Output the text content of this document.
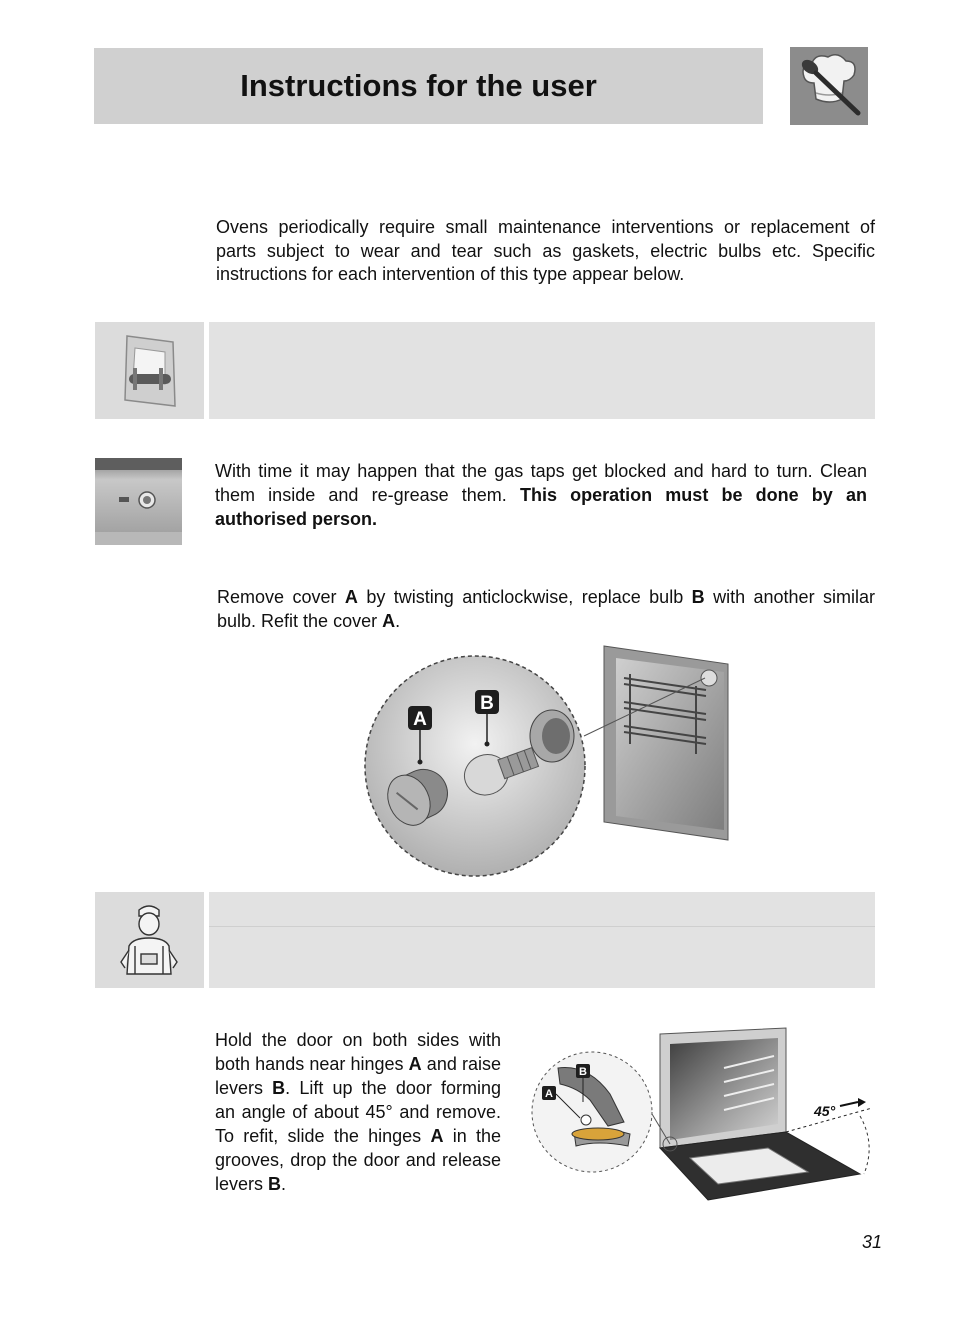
Instructions for the user
Ovens periodically require small maintenance interventions or replacement of parts subject to wear and tear such as gaskets, electric bulbs etc. Specific instructions for each intervention of this type appear below.
With time it may happen that the gas taps get blocked and hard to turn. Clean them inside and re-grease them. This operation must be done by an authorised person.
Remove cover A by twisting anticlockwise, replace bulb B with another similar bulb. Refit the cover A.
A
B
Hold the door on both sides with both hands near hinges A and raise levers B. Lift up the door forming an angle of about 45° and remove. To refit, slide the hinges A in the grooves, drop the door and release levers B.
45°
A
B
31
